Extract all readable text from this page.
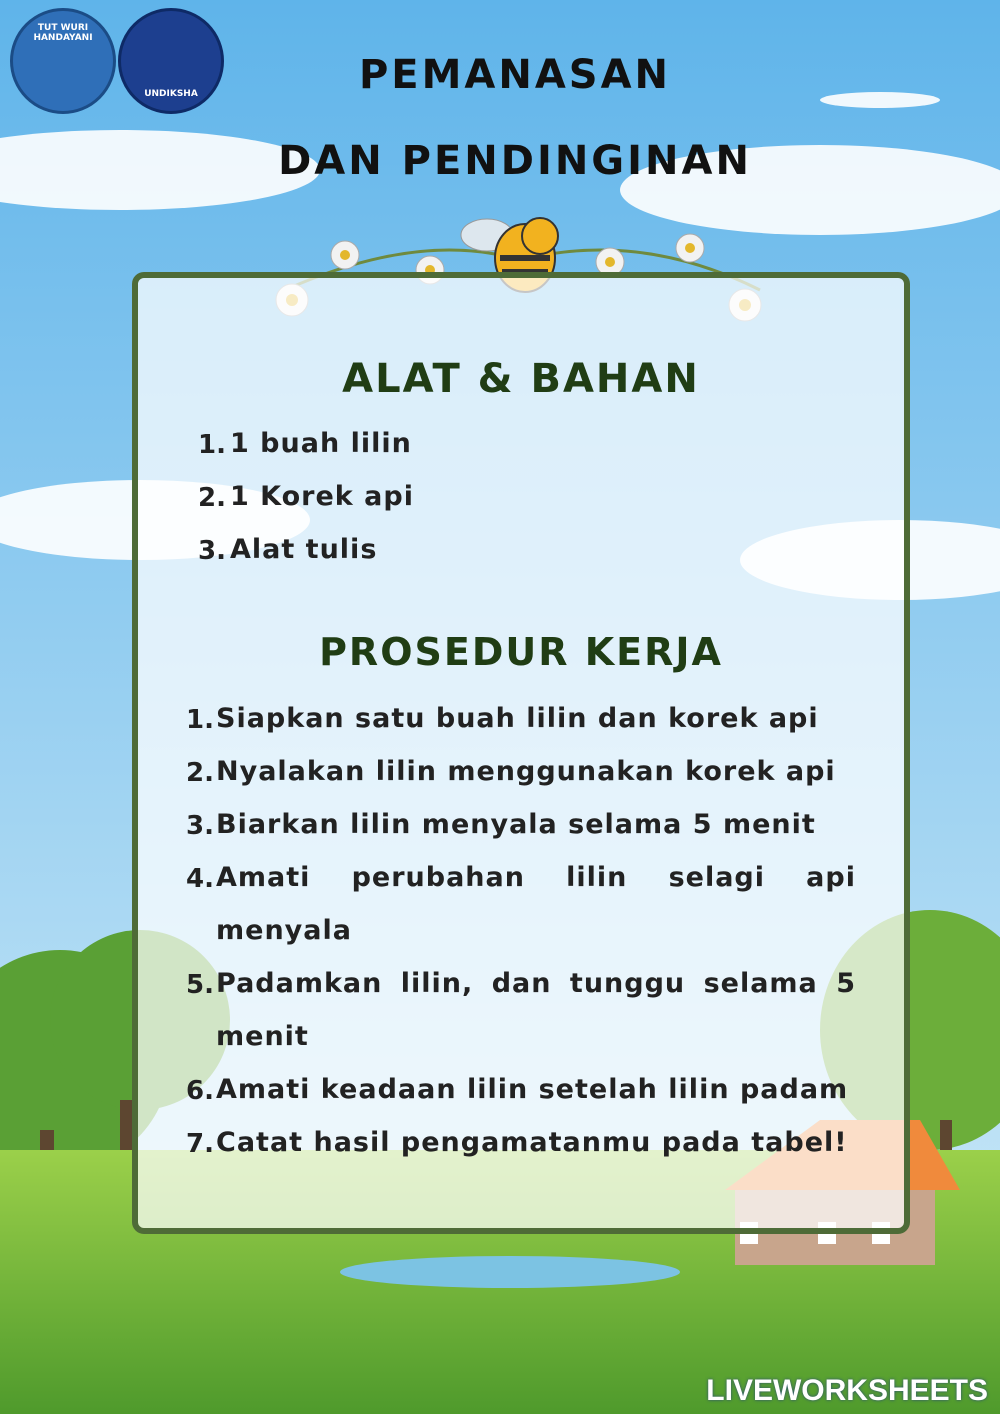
TUT WURI HANDAYANI
UNDIKSHA	PEMANASAN
DAN PENDINGINAN
ALAT & BAHAN
1. 1 buah lilin
2. 1 Korek api
3. Alat tulis
PROSEDUR KERJA
1. Siapkan satu buah lilin dan korek api
2. Nyalakan lilin menggunakan korek api
3. Biarkan lilin menyala selama 5 menit
4. Amati perubahan lilin selagi api
menyala
5. Padamkan lilin, dan tunggu selama 5
menit
6. Amati keadaan lilin setelah lilin padam
7. Catat hasil pengamatanmu pada tabel!
LIVEWORKSHEETS
